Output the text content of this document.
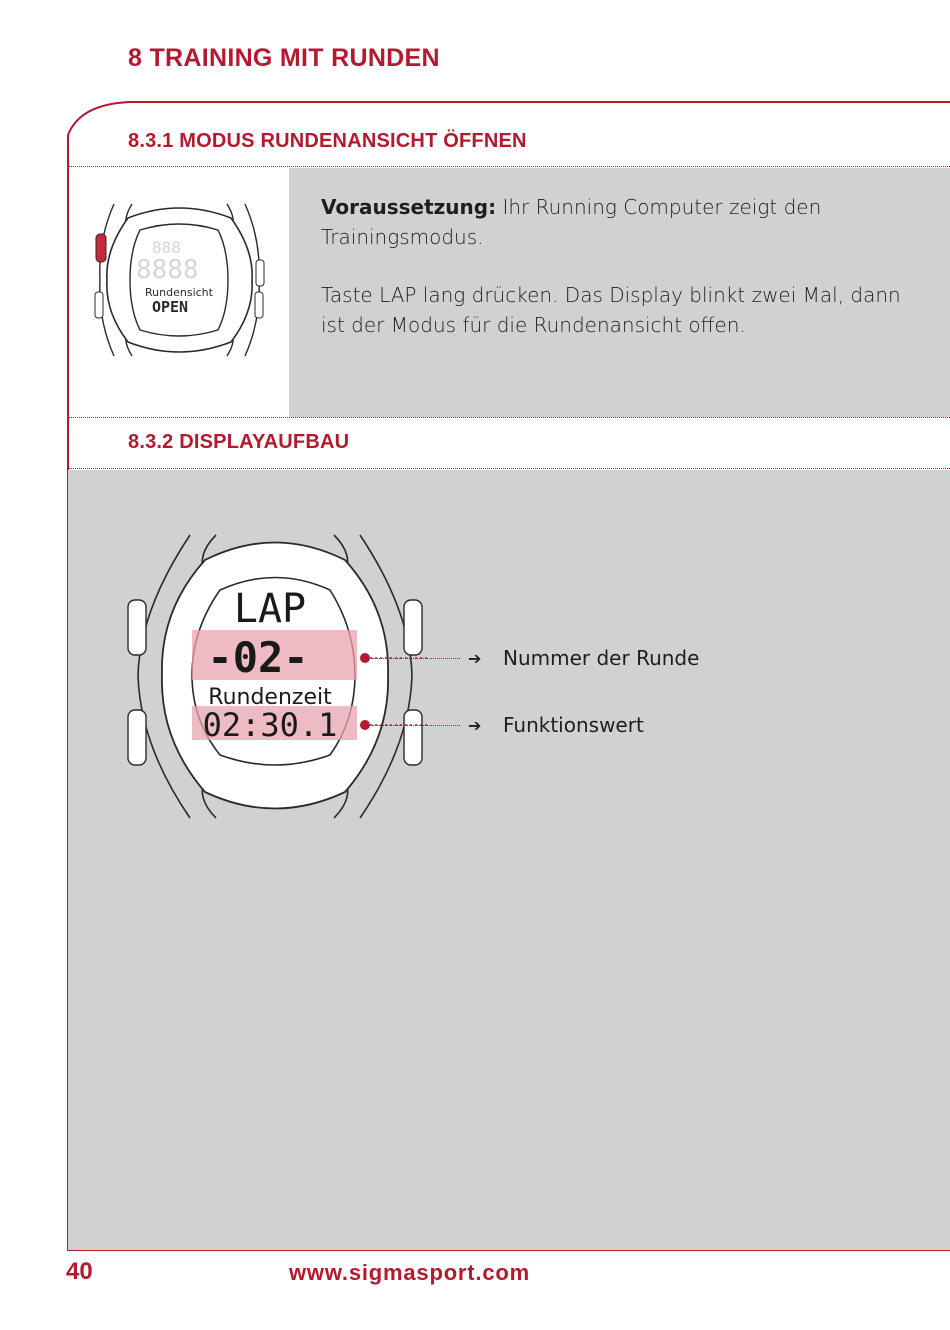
8 TRAINING MIT RUNDEN
8.3.1 MODUS RUNDENANSICHT ÖFFNEN
8.3.2 DISPLAYAUFBAU
888
8888
Rundensicht
OPEN

Voraussetzung: Ihr Running Computer zeigt den Trainingsmodus.

Taste LAP lang drücken. Das Display blinkt zwei Mal, dann ist der Modus für die Rundenansicht offen.

LAP
-02-
Rundenzeit
02:30.1
➔ Nummer der Runde
➔ Funktionswert
40	www.sigmasport.com
